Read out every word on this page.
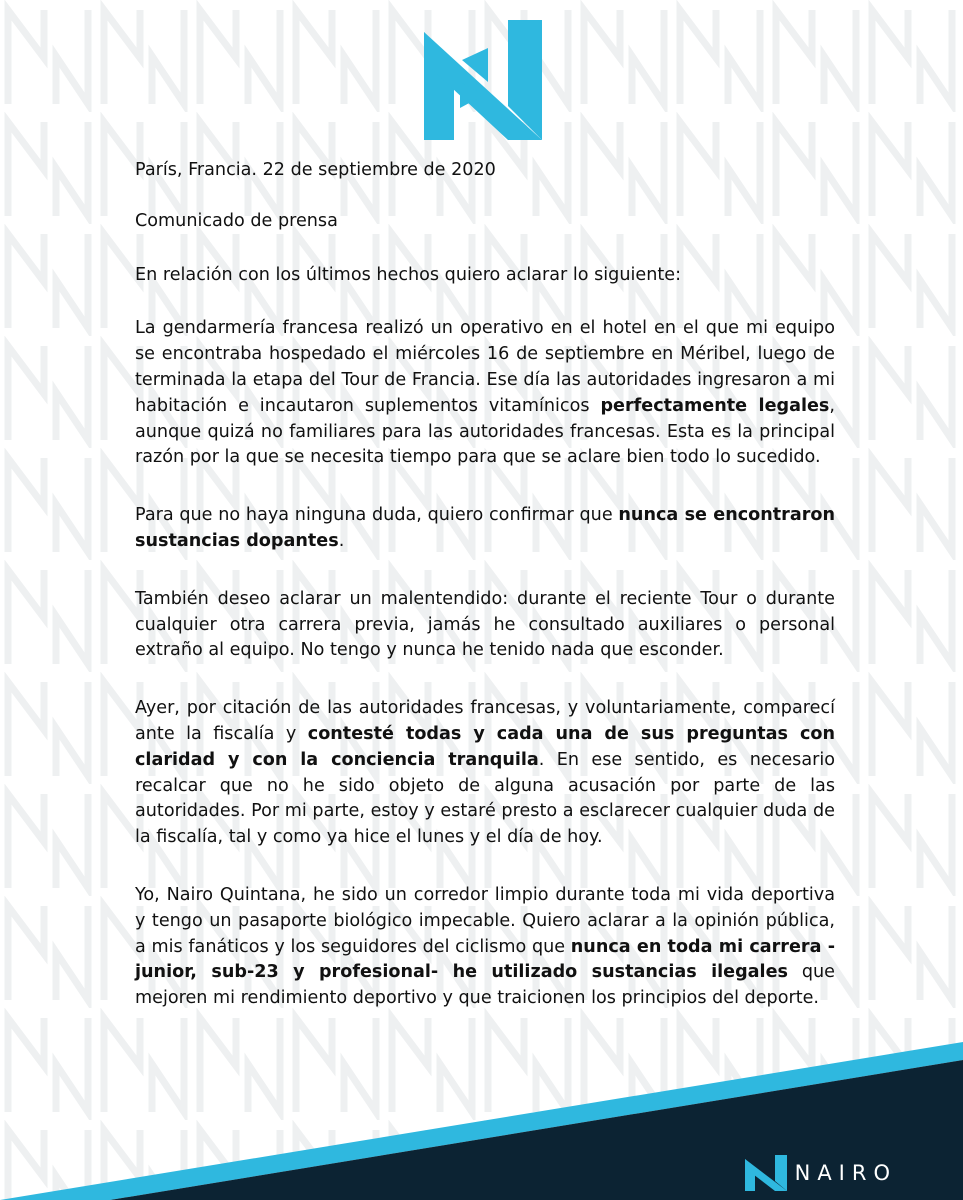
París, Francia. 22 de septiembre de 2020

Comunicado de prensa

En relación con los últimos hechos quiero aclarar lo siguiente:

La gendarmería francesa realizó un operativo en el hotel en el que mi equipo se encontraba hospedado el miércoles 16 de septiembre en Méribel, luego de terminada la etapa del Tour de Francia. Ese día las autoridades ingresaron a mi habitación e incautaron suplementos vitamínicos perfectamente legales, aunque quizá no familiares para las autoridades francesas. Esta es la principal razón por la que se necesita tiempo para que se aclare bien todo lo sucedido.

Para que no haya ninguna duda, quiero confirmar que nunca se encontraron sustancias dopantes.

También deseo aclarar un malentendido: durante el reciente Tour o durante cualquier otra carrera previa, jamás he consultado auxiliares o personal extraño al equipo. No tengo y nunca he tenido nada que esconder.

Ayer, por citación de las autoridades francesas, y voluntariamente, comparecí ante la fiscalía y contesté todas y cada una de sus preguntas con claridad y con la conciencia tranquila. En ese sentido, es necesario recalcar que no he sido objeto de alguna acusación por parte de las autoridades. Por mi parte, estoy y estaré presto a esclarecer cualquier duda de la fiscalía, tal y como ya hice el lunes y el día de hoy.

Yo, Nairo Quintana, he sido un corredor limpio durante toda mi vida deportiva y tengo un pasaporte biológico impecable. Quiero aclarar a la opinión pública, a mis fanáticos y los seguidores del ciclismo que nunca en toda mi carrera - junior, sub-23 y profesional- he utilizado sustancias ilegales que mejoren mi rendimiento deportivo y que traicionen los principios del deporte.

NAIRO
